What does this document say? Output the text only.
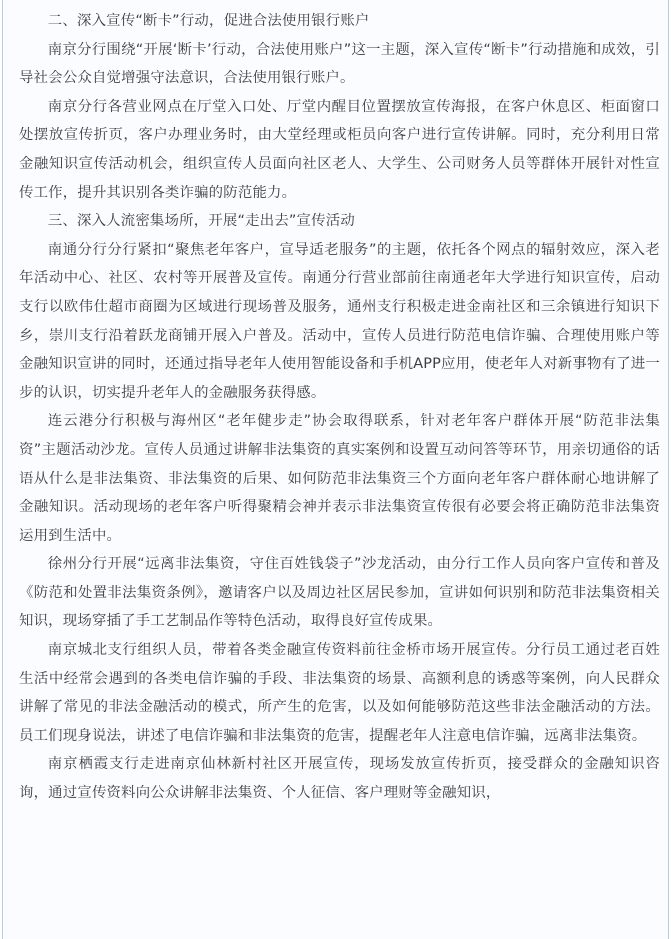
二、深入宣传“断卡”行动，促进合法使用银行账户

南京分行围绕“开展‘断卡’行动，合法使用账户”这一主题，深入宣传“断卡”行动措施和成效，引导社会公众自觉增强守法意识，合法使用银行账户。

南京分行各营业网点在厅堂入口处、厅堂内醒目位置摆放宣传海报，在客户休息区、柜面窗口处摆放宣传折页，客户办理业务时，由大堂经理或柜员向客户进行宣传讲解。同时，充分利用日常金融知识宣传活动机会，组织宣传人员面向社区老人、大学生、公司财务人员等群体开展针对性宣传工作，提升其识别各类诈骗的防范能力。

三、深入人流密集场所，开展“走出去”宣传活动

南通分行分行紧扣“聚焦老年客户，宣导适老服务”的主题，依托各个网点的辐射效应，深入老年活动中心、社区、农村等开展普及宣传。南通分行营业部前往南通老年大学进行知识宣传，启动支行以欧伟仕超市商圈为区域进行现场普及服务，通州支行积极走进金南社区和三余镇进行知识下乡，崇川支行沿着跃龙商铺开展入户普及。活动中，宣传人员进行防范电信诈骗、合理使用账户等金融知识宣讲的同时，还通过指导老年人使用智能设备和手机APP应用，使老年人对新事物有了进一步的认识，切实提升老年人的金融服务获得感。

连云港分行积极与海州区“老年健步走”协会取得联系，针对老年客户群体开展“防范非法集资”主题活动沙龙。宣传人员通过讲解非法集资的真实案例和设置互动问答等环节，用亲切通俗的话语从什么是非法集资、非法集资的后果、如何防范非法集资三个方面向老年客户群体耐心地讲解了金融知识。活动现场的老年客户听得聚精会神并表示非法集资宣传很有必要会将正确防范非法集资运用到生活中。

徐州分行开展“远离非法集资，守住百姓钱袋子”沙龙活动，由分行工作人员向客户宣传和普及《防范和处置非法集资条例》，邀请客户以及周边社区居民参加，宣讲如何识别和防范非法集资相关知识，现场穿插了手工艺制品作等特色活动，取得良好宣传成果。

南京城北支行组织人员，带着各类金融宣传资料前往金桥市场开展宣传。分行员工通过老百姓生活中经常会遇到的各类电信诈骗的手段、非法集资的场景、高额利息的诱惑等案例，向人民群众讲解了常见的非法金融活动的模式，所产生的危害，以及如何能够防范这些非法金融活动的方法。员工们现身说法，讲述了电信诈骗和非法集资的危害，提醒老年人注意电信诈骗，远离非法集资。

南京栖霞支行走进南京仙林新村社区开展宣传，现场发放宣传折页，接受群众的金融知识咨询，通过宣传资料向公众讲解非法集资、个人征信、客户理财等金融知识，
